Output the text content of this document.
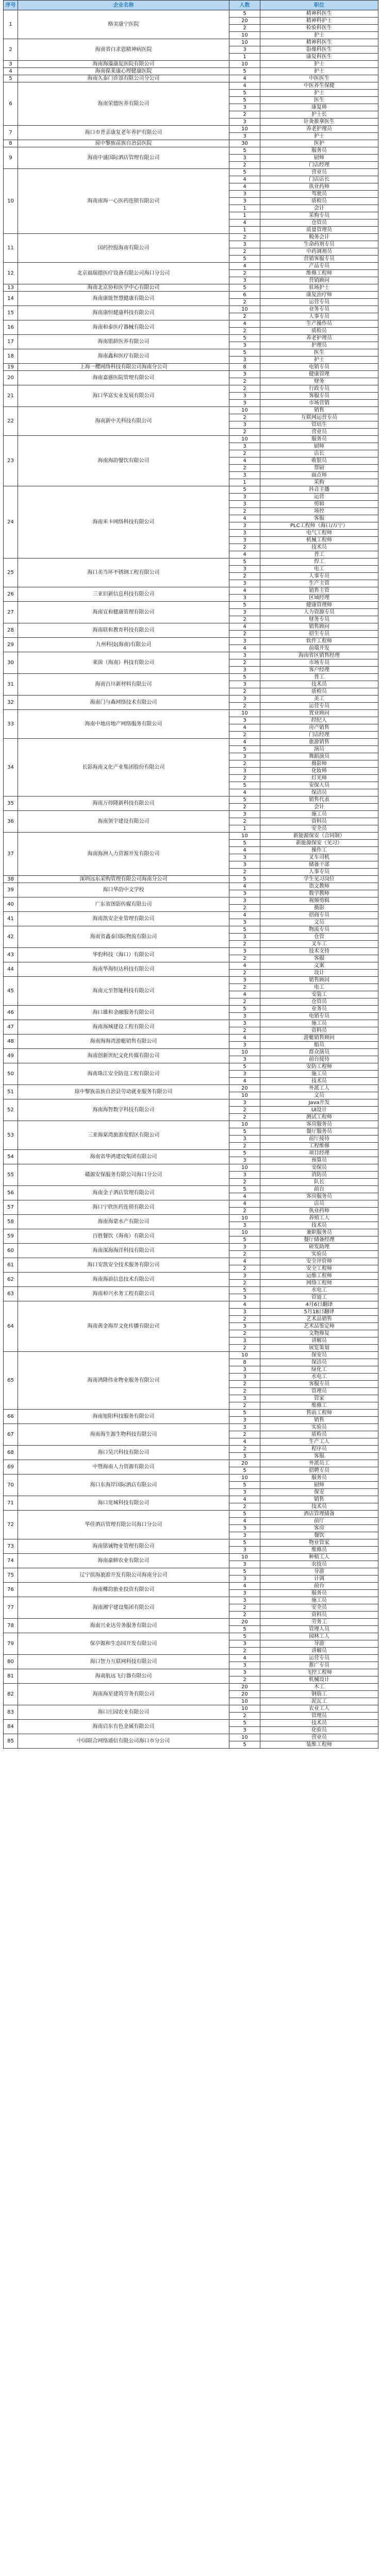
序号	企业名称	人数	职位
1	格美康宁医院	5	精神科医生
		20	精神科护士
		2	检验科医生
		10	护士
2	海南省白求恩精神病医院	10	精神科医生
		3	影像科医生
		1	康复科医生
3	海南海藻康复医院有限公司	10	护士
4	海南葆莱康心理健康医院	5	护士
5	海南久泰门诊部有限公司分公司	4	中医医生
6	海南荣德医养有限公司	4	中医养生保健
		5	护士
		5	医生
		3	康复师
		2	护士长
		3	针灸推拿医生
7	海口市普亲康复老年养护有限公司	10	养老护理员
		3	护士
8	琼中黎族苗族自治县医院	30	医护
9	海南中盛国际酒店管理有限公司	5	服务员
		3	厨师
		2	门店经理
10	海南南海一心医药连锁有限公司	5	营业员
		4	门店店长
		4	执业药师
		3	驾驶员
		3	质检员
		1	会计
		1	采购专员
		4	仓管员
		1	质量管理员
11	国药控股海南有限公司	2	税务会计
		3	生命药剂专员
		2	中药调剂员
		5	营销客服专员
12	北京福瑞德医疗设备有限公司海口分公司	4	产品专员
		2	维修工程师
		3	营销顾问
13	海南北京协和医学中心有限公司	5	驻场护士
14	海南康能智慧健康有限公司	6	康复治疗师
		2	运营专员
15	海南康恒健康科技有限公司	10	业务专员
		2	人事专员
16	海南和泰医疗器械有限公司	4	生产操作员
		2	质检员
17	海南银龄医养有限公司	5	养老护理员
		3	护理员
18	海南鑫和医疗有限公司	5	医生
		3	护士
19	上海一樱网络科技有限公司海南分公司	8	电销专员
20	海南嘉慈医院管理有限公司	3	健康管理
		2	财务
21	海口华富实业发展有限公司	2	行政专员
		3	客服专员
		3	市场营销
22	海南新中关科技有限公司	10	销售
		2	互联网运营专员
		3	管培生
		2	营业员
23	海南海韵餐饮有限公司	10	服务员
		3	厨师
		2	店长
		4	收银员
		2	帮厨
		3	面点师
		1	采购
24	海南米卡网络科技有限公司	5	抖音主播
		3	运营
		3	剪辑
		2	场控
		4	客服
		3	PLC工程师（海口/万宁）
		3	电气工程师
		3	机械工程师
		2	技术员
		4	普工
25	海口美当坏不锈钢工程有限公司	5	焊工
		3	电工
		2	人事专员
		3	生产主管
26	三亚旧新信息科技有限公司	4	销售主管
		3	区域经理
27	海南宜和健康管理有限公司	5	健康管理师
		3	人力资源专员
		2	财务专员
28	海南联和教育科技有限公司	4	销售顾问
		2	招生专员
29	九州科技(海南)有限公司	3	软件工程师
		4	前端开发
30	莱茵（海南）科技有限公司	3	海南省区销售经理
		2	市场专员
		3	客户经理
31	海南百川新材料有限公司	5	普工
		3	技术员
		2	质检员
32	海南门与森网络技术有限公司	3	美工
		2	运营专员
33	海南中地房地产网络服务有限公司	10	置业顾问
		3	经纪人
		4	房产销售
		2	门店经理
34	长影海南文化产业集团股份有限公司	4	旅游销售
		5	演员
		3	舞蹈演员
		2	摄影师
		3	化妆师
		2	灯光师
		5	安保人员
		4	保洁员
35	海南万得隆新科技有限公司	5	销售代表
		2	会计
36	海南领宇建设有限公司	3	施工员
		2	资料员
		1	安全员
37	海南海洲人力资源开发有限公司	10	新能源保安（合同制）
		5	新能源保安（见习）
		4	操作工
		3	叉车司机
		3	储备干部
		2	人事专员
38	深圳远东采购管理有限公司海南分公司	5	学生见习岗位
39	海口华韵中文学校	4	语文教师
		3	数学教师
40	广东省图影传媒有限公司	3	视频剪辑
		2	摄影
41	海南凯安企业管理有限公司	4	招商专员
		3	文员
42	海南省鑫泰国际物流有限公司	5	物流专员
		3	仓管
		2	叉车工
43	华豹科技（海口）有限公司	3	技术支持
		2	客服
44	海南华海恒达科技有限公司	4	文案
		2	设计
45	海南元至智能科技有限公司	3	销售顾问
		2	电工
		4	安装工
		2	仓管员
46	海口雄和金融服务有限公司	5	业务员
		3	电销专员
47	海南海城建设工程有限公司	3	施工员
		2	资料员
48	海南海海湾游艇销售有限公司	4	游艇销售顾问
		3	船员
49	海南创新世纪文化传媒有限公司	10	群众演员
		3	前台接待
50	海南珠江安全防范工程有限公司	5	安防工程师
		3	施工员
		4	技术员
51	琼中黎族苗族自治县劳动就业服务有限公司	20	外派工人
		10	文员
52	海南海智数字科技有限公司	3	Java开发
		2	UI设计
		2	测试工程师
53	三亚海棠湾旅游度假区有限公司	10	客房服务员
		5	餐厅服务员
		3	前厅接待
		2	工程维修
54	海南省华鸿建设集团有限公司	5	项目经理
		3	预算员
55	赣源安保服务有限公司海口分公司	10	安保员
		3	消防员
		2	队长
56	海南金子酒店管理有限公司	5	前台
		4	客房服务员
57	海口宁欣医药连锁有限公司	4	店员
		2	执业药师
58	海南海蒙水产有限公司	10	养殖工人
		3	技术员
59	百胜餐饮（海南）有限公司	10	兼职服务员
		5	餐厅储备经理
60	海南深海海洋科技有限公司	3	研发助理
		2	实验员
61	海口安凯安全技术服务有限公司	4	安全评价师
		2	安全工程师
62	海南海浪信息技术有限公司	3	运维工程师
		2	网络工程师
63	海南和兴水务工程有限公司	5	水电工
		3	管道工
64	海南黄金海岸文化传播有限公司	4	4月6日翻译
		3	5月18日翻译
		2	艺术品销售
		3	艺术品鉴定师
		2	文物修复
		3	讲解员
		2	展览策划
65	海南鸿隆伟业物业服务有限公司	10	保安员
		8	保洁员
		3	绿化工
		3	水电工
		2	客服专员
		2	管理员
		3	管家
		2	维修工
66	海南旭阳科技服务有限公司	5	售前工程师
		3	销售
67	海南海生源生物科技有限公司	3	实验员
		2	质检员
		4	生产工人
68	海口昊兴科技有限公司	2	程序员
		3	客服
69	中暨海南人力资源有限公司	20	外派员工
		5	招聘专员
70	海口东海岸国际酒店有限公司	10	服务员
		5	厨师
		3	保安
71	海口宽城科技有限公司	4	销售
		2	技术员
72	华佳酒店管理有限公司海口分公司	5	酒店管理储备
		4	前厅
		3	客房
		3	餐饮
73	海南铭诚物业管理有限公司	5	物业管家
		3	维修员
74	海南豪鲜农业有限公司	10	种植工人
		3	农技员
75	辽宁滨海旅游开发有限公司海南分公司	5	导游
		3	计调
76	海南椰韵旅业投资有限公司	4	前台
		3	服务员
77	海南湘宇建设集团有限公司	3	施工员
		2	安全员
		2	资料员
78	海南兴业达劳务服务有限公司	20	劳务工
		5	管理人员
79	保亭源和生态园开发有限公司	5	园林工人
		3	导游
		2	讲解员
80	海口智力互联网科技有限公司	4	运营专员
		3	推广专员
81	海南航远飞行器有限公司	3	飞控工程师
		2	机械设计
82	海南海星建筑劳务有限公司	20	木工
		20	钢筋工
		10	泥瓦工
83	海口庄园农业有限公司	10	农业工人
		2	管理员
84	海南启东有色金属有限公司	5	技术员
		3	化验员
85	中国联合网络通信有限公司海口市分公司	10	营业员
		5	装维工程师
